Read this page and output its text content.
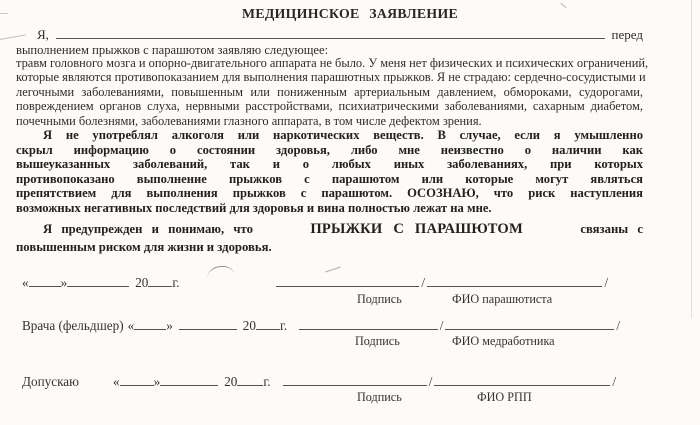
МЕДИЦИНСКОЕ ЗАЯВЛЕНИЕ
Я,	перед
выполнением прыжков с парашютом заявляю следующее:
травм головного мозга и опорно-двигательного аппарата не было. У меня нет физических и психических ограничений,
которые являются противопоказанием для выполнения парашютных прыжков. Я не страдаю: сердечно-сосудистыми и
легочными заболеваниями, повышенным или пониженным артериальным давлением, обмороками, судорогами,
повреждением органов слуха, нервными расстройствами, психиатрическими заболеваниями, сахарным диабетом,
почечными болезнями, заболеваниями глазного аппарата, в том числе дефектом зрения.
Я не употреблял алкоголя или наркотических веществ. В случае, если я умышленно
скрыл информацию о состоянии здоровья, либо мне неизвестно о наличии как
вышеуказанных заболеваний, так и о любых иных заболеваниях, при которых
противопоказано выполнение прыжков с парашютом или которые могут являться
препятствием для выполнения прыжков с парашютом. ОСОЗНАЮ, что риск наступления
возможных негативных последствий для здоровья и вина полностью лежат на мне.
Я предупрежден и понимаю, что	ПРЫЖКИ С ПАРАШЮТОМ	связаны с
повышенным риском для жизни и здоровья.
« »	20 г.	/	/
Подпись	ФИО парашютиста
Врача (фельдшер) « »	20 г.	/	/
Подпись	ФИО медработника
Допускаю	«	»	20 г.	/	/
Подпись	ФИО РПП
